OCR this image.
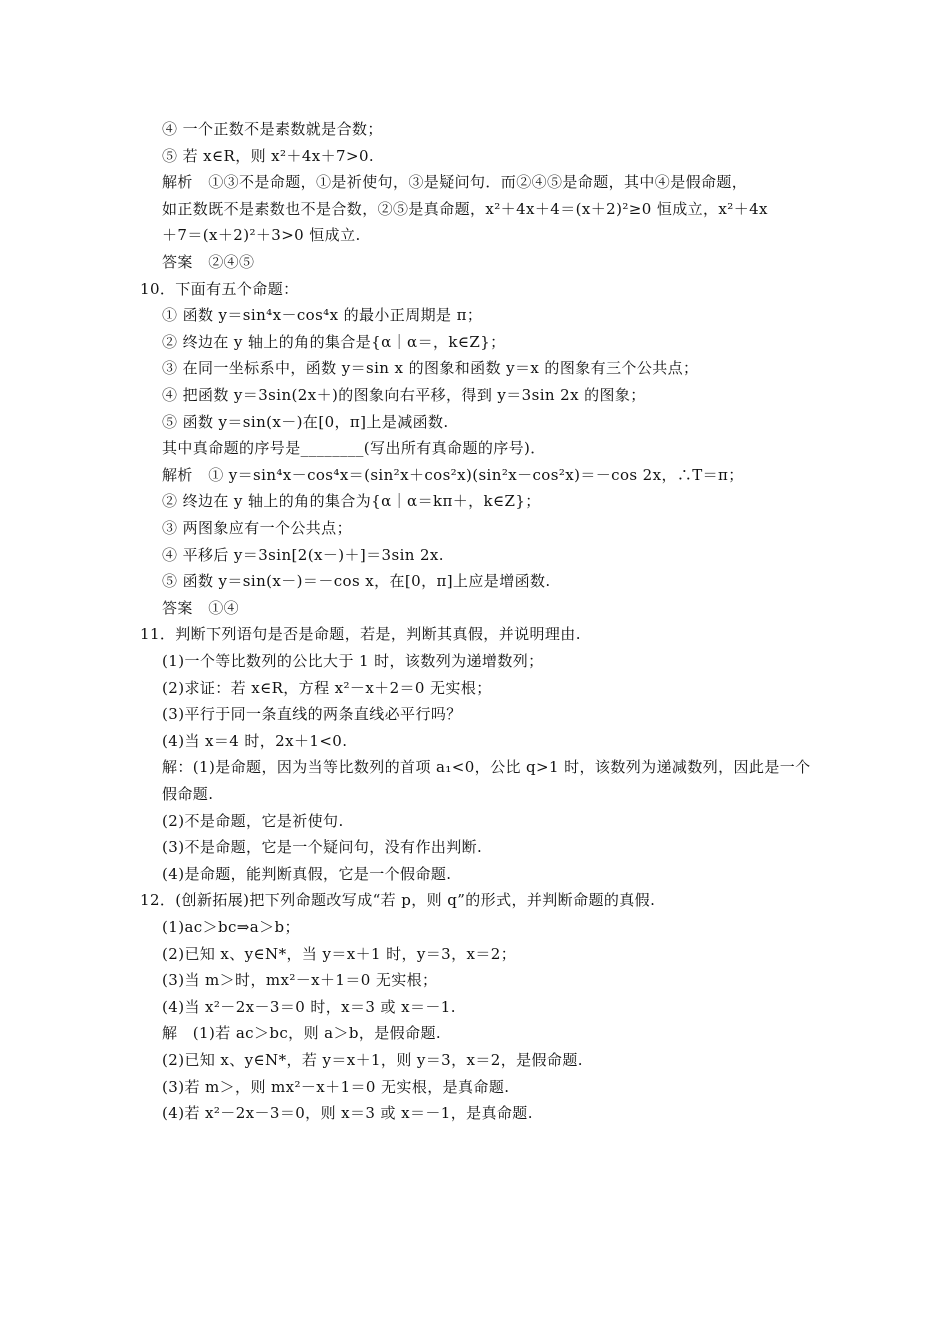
④ 一个正数不是素数就是合数；
⑤ 若 x∈R，则 x²＋4x＋7>0.
解析　①③不是命题，①是祈使句，③是疑问句．而②④⑤是命题，其中④是假命题，
如正数既不是素数也不是合数，②⑤是真命题，x²＋4x＋4＝(x＋2)²≥0 恒成立，x²＋4x
＋7＝(x＋2)²＋3>0 恒成立.
答案　②④⑤
10．下面有五个命题：
① 函数 y＝sin⁴x－cos⁴x 的最小正周期是 π；
② 终边在 y 轴上的角的集合是{α｜α＝，k∈Z}；
③ 在同一坐标系中，函数 y＝sin x 的图象和函数 y＝x 的图象有三个公共点；
④ 把函数 y＝3sin(2x＋)的图象向右平移，得到 y＝3sin 2x 的图象；
⑤ 函数 y＝sin(x－)在[0，π]上是减函数.
其中真命题的序号是________(写出所有真命题的序号)．
解析　① y＝sin⁴x－cos⁴x＝(sin²x＋cos²x)(sin²x－cos²x)＝－cos 2x，∴T＝π；
② 终边在 y 轴上的角的集合为{α｜α＝kπ＋，k∈Z}；
③ 两图象应有一个公共点；
④ 平移后 y＝3sin[2(x－)＋]＝3sin 2x.
⑤ 函数 y＝sin(x－)＝－cos x，在[0，π]上应是增函数.
答案　①④
11．判断下列语句是否是命题，若是，判断其真假，并说明理由.
(1)一个等比数列的公比大于 1 时，该数列为递增数列；
(2)求证：若 x∈R，方程 x²－x＋2＝0 无实根；
(3)平行于同一条直线的两条直线必平行吗？
(4)当 x＝4 时，2x＋1<0.
解：(1)是命题，因为当等比数列的首项 a₁<0，公比 q>1 时，该数列为递减数列，因此是一个
假命题.
(2)不是命题，它是祈使句.
(3)不是命题，它是一个疑问句，没有作出判断.
(4)是命题，能判断真假，它是一个假命题.
12．(创新拓展)把下列命题改写成“若 p，则 q”的形式，并判断命题的真假.
(1)ac＞bc⇒a＞b；
(2)已知 x、y∈N*，当 y＝x＋1 时，y＝3，x＝2；
(3)当 m＞时，mx²－x＋1＝0 无实根；
(4)当 x²－2x－3＝0 时，x＝3 或 x＝－1.
解　(1)若 ac＞bc，则 a＞b，是假命题.
(2)已知 x、y∈N*，若 y＝x＋1，则 y＝3，x＝2，是假命题.
(3)若 m＞，则 mx²－x＋1＝0 无实根，是真命题.
(4)若 x²－2x－3＝0，则 x＝3 或 x＝－1，是真命题.
